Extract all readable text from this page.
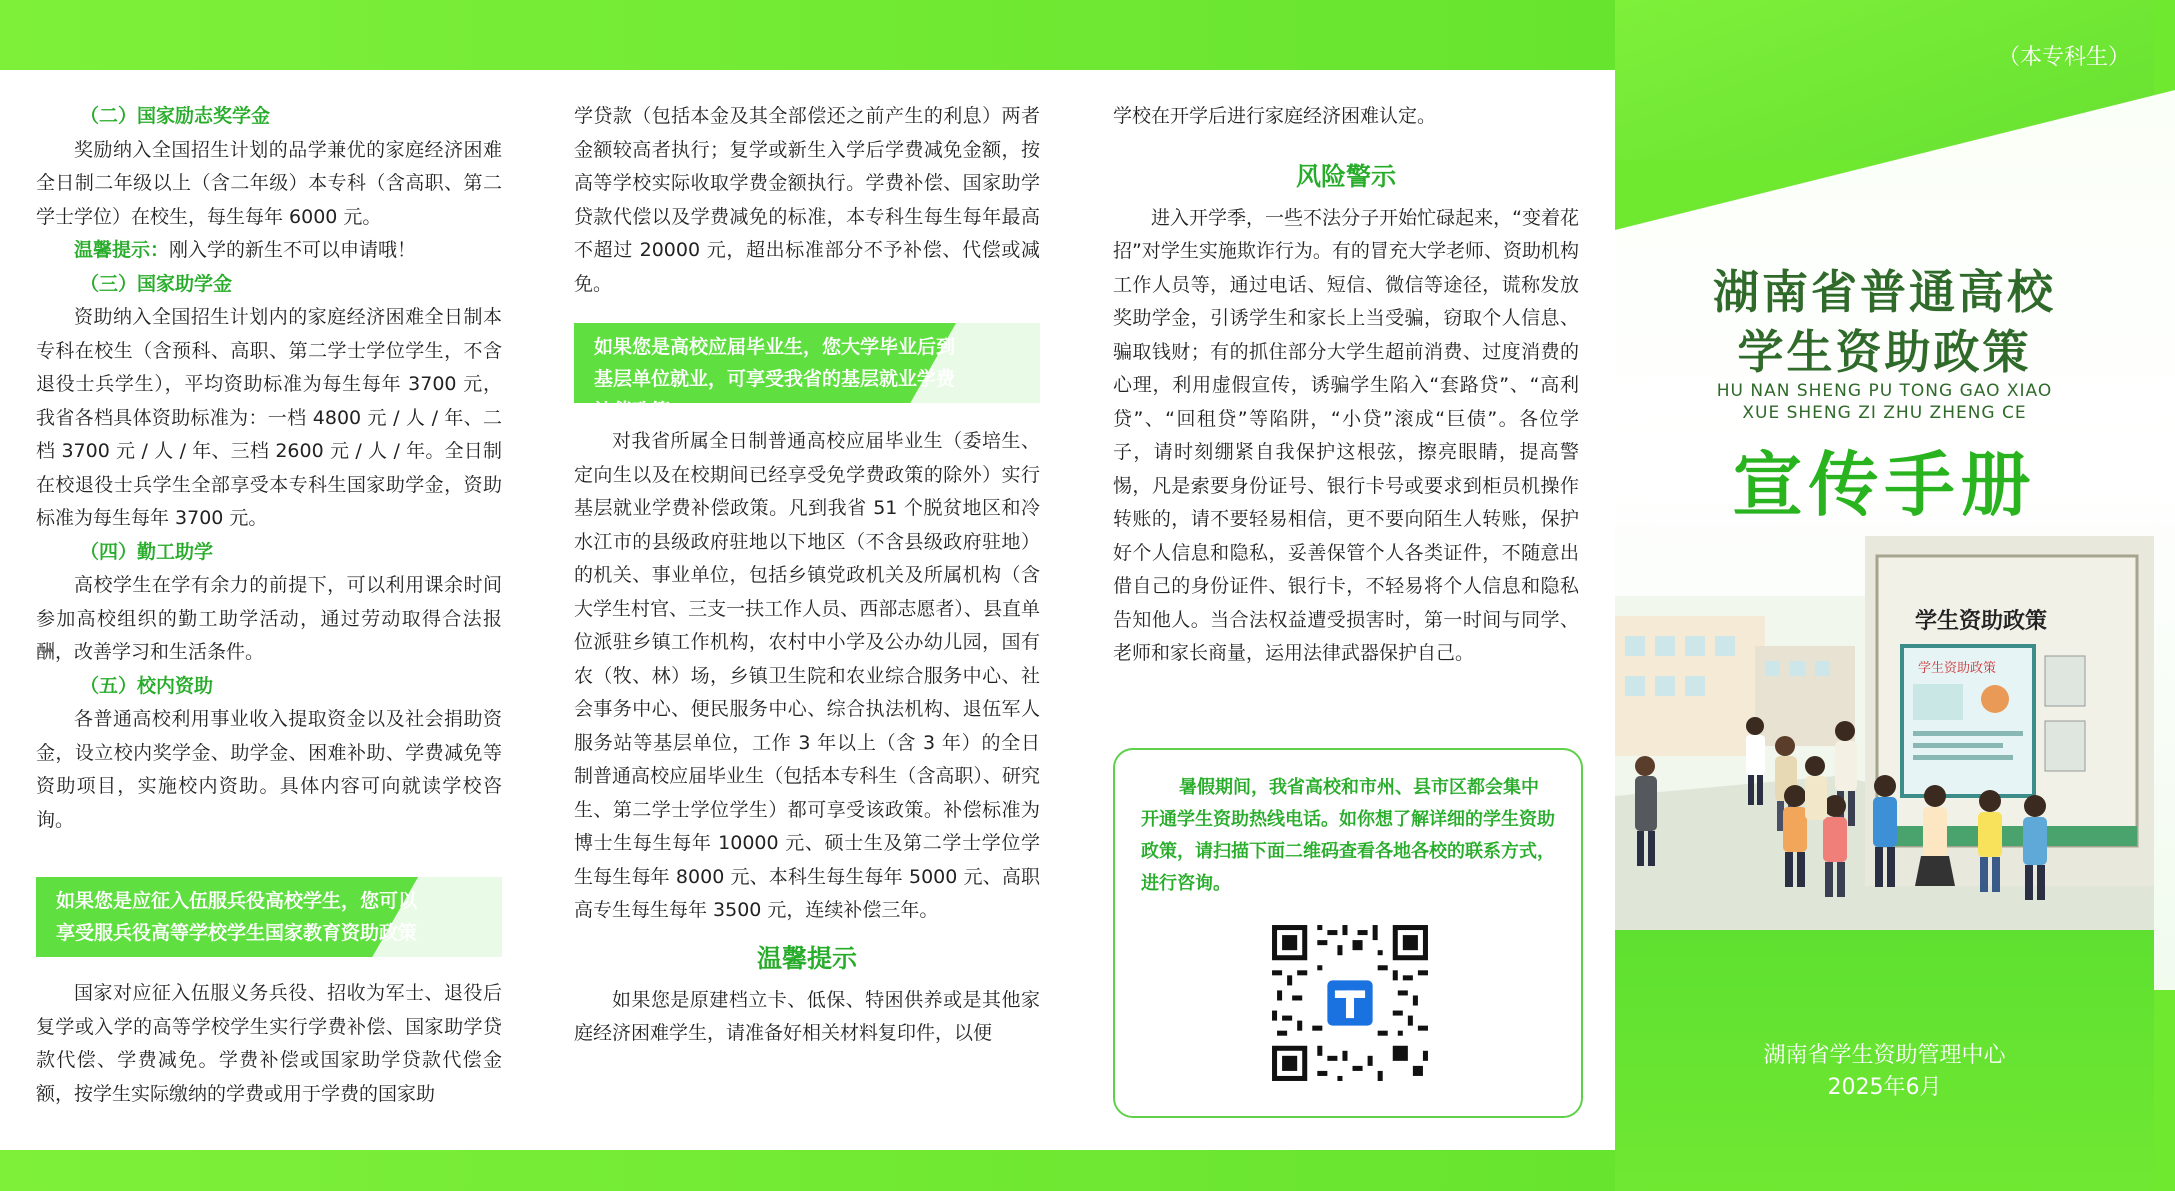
（二）国家励志奖学金

奖励纳入全国招生计划的品学兼优的家庭经济困难全日制二年级以上（含二年级）本专科（含高职、第二学士学位）在校生，每生每年 6000 元。

温馨提示：刚入学的新生不可以申请哦！

（三）国家助学金

资助纳入全国招生计划内的家庭经济困难全日制本专科在校生（含预科、高职、第二学士学位学生，不含退役士兵学生），平均资助标准为每生每年 3700 元，我省各档具体资助标准为：一档 4800 元 / 人 / 年、二档 3700 元 / 人 / 年、三档 2600 元 / 人 / 年。全日制在校退役士兵学生全部享受本专科生国家助学金，资助标准为每生每年 3700 元。

（四）勤工助学

高校学生在学有余力的前提下，可以利用课余时间参加高校组织的勤工助学活动，通过劳动取得合法报酬，改善学习和生活条件。

（五）校内资助

各普通高校利用事业收入提取资金以及社会捐助资金，设立校内奖学金、助学金、困难补助、学费减免等资助项目，实施校内资助。具体内容可向就读学校咨询。

如果您是应征入伍服兵役高校学生，您可以享受服兵役高等学校学生国家教育资助政策

国家对应征入伍服义务兵役、招收为军士、退役后复学或入学的高等学校学生实行学费补偿、国家助学贷款代偿、学费减免。学费补偿或国家助学贷款代偿金额，按学生实际缴纳的学费或用于学费的国家助

学贷款（包括本金及其全部偿还之前产生的利息）两者金额较高者执行；复学或新生入学后学费减免金额，按高等学校实际收取学费金额执行。学费补偿、国家助学贷款代偿以及学费减免的标准，本专科生每生每年最高不超过 20000 元，超出标准部分不予补偿、代偿或减免。

如果您是高校应届毕业生，您大学毕业后到基层单位就业，可享受我省的基层就业学费补偿政策

对我省所属全日制普通高校应届毕业生（委培生、定向生以及在校期间已经享受免学费政策的除外）实行基层就业学费补偿政策。凡到我省 51 个脱贫地区和冷水江市的县级政府驻地以下地区（不含县级政府驻地）的机关、事业单位，包括乡镇党政机关及所属机构（含大学生村官、三支一扶工作人员、西部志愿者）、县直单位派驻乡镇工作机构，农村中小学及公办幼儿园，国有农（牧、林）场，乡镇卫生院和农业综合服务中心、社会事务中心、便民服务中心、综合执法机构、退伍军人服务站等基层单位，工作 3 年以上（含 3 年）的全日制普通高校应届毕业生（包括本专科生（含高职）、研究生、第二学士学位学生）都可享受该政策。补偿标准为博士生每生每年 10000 元、硕士生及第二学士学位学生每生每年 8000 元、本科生每生每年 5000 元、高职高专生每生每年 3500 元，连续补偿三年。

温馨提示

如果您是原建档立卡、低保、特困供养或是其他家庭经济困难学生，请准备好相关材料复印件，以便

学校在开学后进行家庭经济困难认定。

风险警示

进入开学季，一些不法分子开始忙碌起来，“变着花招”对学生实施欺诈行为。有的冒充大学老师、资助机构工作人员等，通过电话、短信、微信等途径，谎称发放奖助学金，引诱学生和家长上当受骗，窃取个人信息、骗取钱财；有的抓住部分大学生超前消费、过度消费的心理，利用虚假宣传，诱骗学生陷入“套路贷”、“高利贷”、“回租贷”等陷阱，“小贷”滚成“巨债”。各位学子，请时刻绷紧自我保护这根弦，擦亮眼睛，提高警惕，凡是索要身份证号、银行卡号或要求到柜员机操作转账的，请不要轻易相信，更不要向陌生人转账，保护好个人信息和隐私，妥善保管个人各类证件，不随意出借自己的身份证件、银行卡，不轻易将个人信息和隐私告知他人。当合法权益遭受损害时，第一时间与同学、老师和家长商量，运用法律武器保护自己。

暑假期间，我省高校和市州、县市区都会集中开通学生资助热线电话。如你想了解详细的学生资助政策，请扫描下面二维码查看各地各校的联系方式，进行咨询。
（本专科生）
湖南省普通高校
学生资助政策
HU NAN SHENG PU TONG GAO XIAO
XUE SHENG ZI ZHU ZHENG CE
宣传手册
学生资助政策
学生资助政策
湖南省学生资助管理中心
2025年6月
